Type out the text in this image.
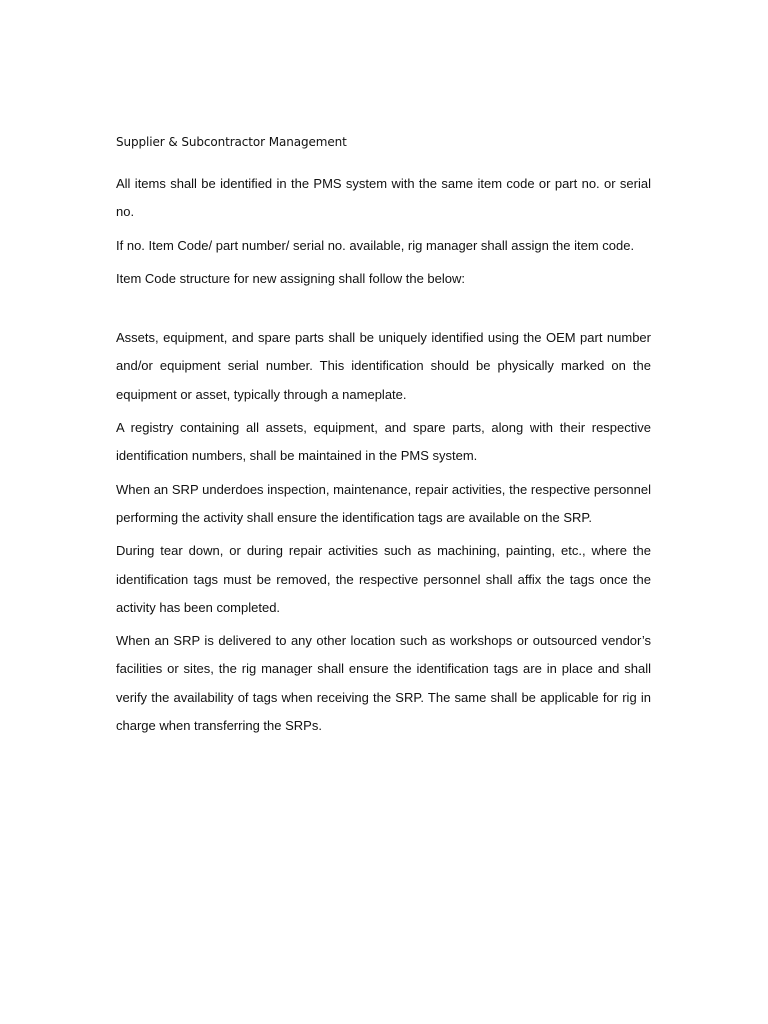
Supplier & Subcontractor Management

All items shall be identified in the PMS system with the same item code or part no. or serial no.

If no. Item Code/ part number/ serial no. available, rig manager shall assign the item code.

Item Code structure for new assigning shall follow the below:

Assets, equipment, and spare parts shall be uniquely identified using the OEM part number and/or equipment serial number. This identification should be physically marked on the equipment or asset, typically through a nameplate.

A registry containing all assets, equipment, and spare parts, along with their respective identification numbers, shall be maintained in the PMS system.

When an SRP underdoes inspection, maintenance, repair activities, the respective personnel performing the activity shall ensure the identification tags are available on the SRP.

During tear down, or during repair activities such as machining, painting, etc., where the identification tags must be removed, the respective personnel shall affix the tags once the activity has been completed.

When an SRP is delivered to any other location such as workshops or outsourced vendor’s facilities or sites, the rig manager shall ensure the identification tags are in place and shall verify the availability of tags when receiving the SRP. The same shall be applicable for rig in charge when transferring the SRPs.
